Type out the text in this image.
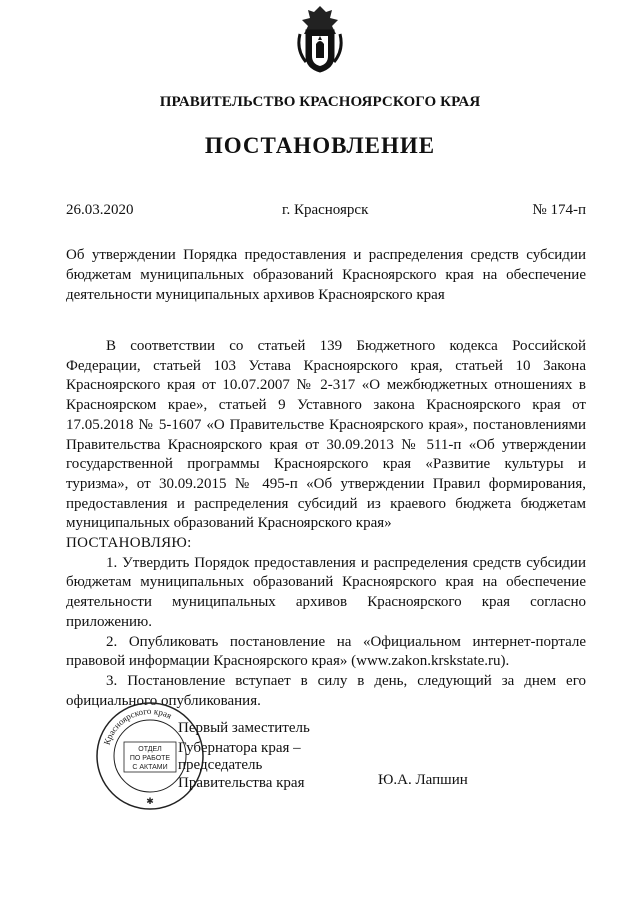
ПРАВИТЕЛЬСТВО КРАСНОЯРСКОГО КРАЯ
ПОСТАНОВЛЕНИЕ
26.03.2020	г. Красноярск	№ 174-п
Об утверждении Порядка предоставления и распределения средств субсидии бюджетам муниципальных образований Красноярского края на обеспечение деятельности муниципальных архивов Красноярского края

В соответствии со статьей 139 Бюджетного кодекса Российской Федерации, статьей 103 Устава Красноярского края, статьей 10 Закона Красноярского края от 10.07.2007 № 2-317 «О межбюджетных отношениях в Красноярском крае», статьей 9 Уставного закона Красноярского края от 17.05.2018 № 5-1607 «О Правительстве Красноярского края», постановлениями Правительства Красноярского края от 30.09.2013 № 511-п «Об утверждении государственной программы Красноярского края «Развитие культуры и туризма», от 30.09.2015 № 495-п «Об утверждении Правил формирования, предоставления и распределения субсидий из краевого бюджета бюджетам муниципальных образований Красноярского края»

ПОСТАНОВЛЯЮ:

1. Утвердить Порядок предоставления и распределения средств субсидии бюджетам муниципальных образований Красноярского края на обеспечение деятельности муниципальных архивов Красноярского края согласно приложению.

2. Опубликовать постановление на «Официальном интернет-портале правовой информации Красноярского края» (www.zakon.krskstate.ru).

3. Постановление вступает в силу в день, следующий за днем его официального опубликования.

Красноярского края
ОТДЕЛ
ПО РАБОТЕ
С АКТАМИ
✱
Первый заместитель
Губернатора края –
председатель
Правительства края	Ю.А. Лапшин
